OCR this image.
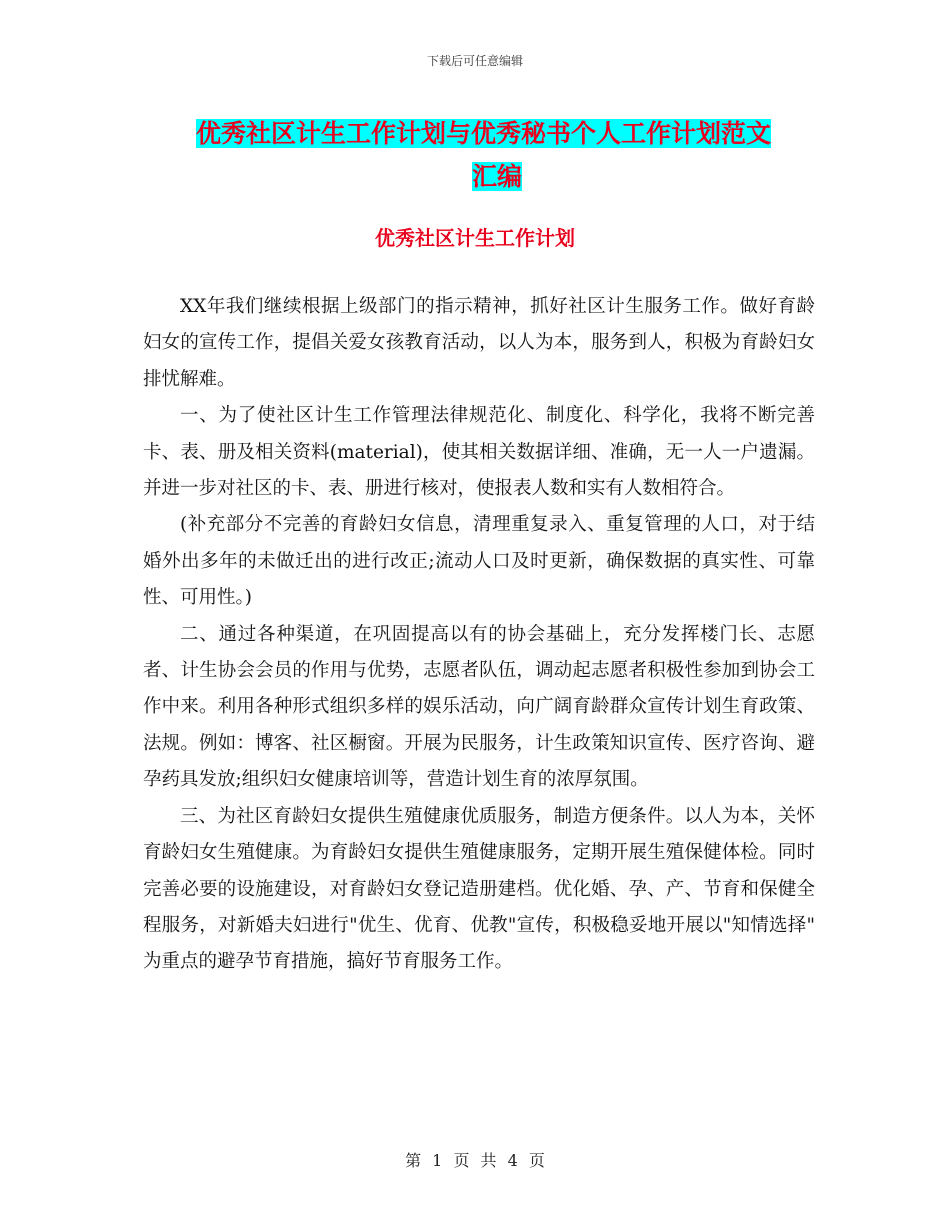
下载后可任意编辑
优秀社区计生工作计划与优秀秘书个人工作计划范文
汇编
优秀社区计生工作计划

XX年我们继续根据上级部门的指示精神，抓好社区计生服务工作。做好育龄妇女的宣传工作，提倡关爱女孩教育活动，以人为本，服务到人，积极为育龄妇女排忧解难。

一、为了使社区计生工作管理法律规范化、制度化、科学化，我将不断完善卡、表、册及相关资料(material)，使其相关数据详细、准确，无一人一户遗漏。并进一步对社区的卡、表、册进行核对，使报表人数和实有人数相符合。

(补充部分不完善的育龄妇女信息，清理重复录入、重复管理的人口，对于结婚外出多年的未做迁出的进行改正;流动人口及时更新，确保数据的真实性、可靠性、可用性。)

二、通过各种渠道，在巩固提高以有的协会基础上，充分发挥楼门长、志愿者、计生协会会员的作用与优势，志愿者队伍，调动起志愿者积极性参加到协会工作中来。利用各种形式组织多样的娱乐活动，向广阔育龄群众宣传计划生育政策、法规。例如：博客、社区橱窗。开展为民服务，计生政策知识宣传、医疗咨询、避孕药具发放;组织妇女健康培训等，营造计划生育的浓厚氛围。

三、为社区育龄妇女提供生殖健康优质服务，制造方便条件。以人为本，关怀育龄妇女生殖健康。为育龄妇女提供生殖健康服务，定期开展生殖保健体检。同时完善必要的设施建设，对育龄妇女登记造册建档。优化婚、孕、产、节育和保健全程服务，对新婚夫妇进行"优生、优育、优教"宣传，积极稳妥地开展以"知情选择" 为重点的避孕节育措施，搞好节育服务工作。

第 1 页 共 4 页
